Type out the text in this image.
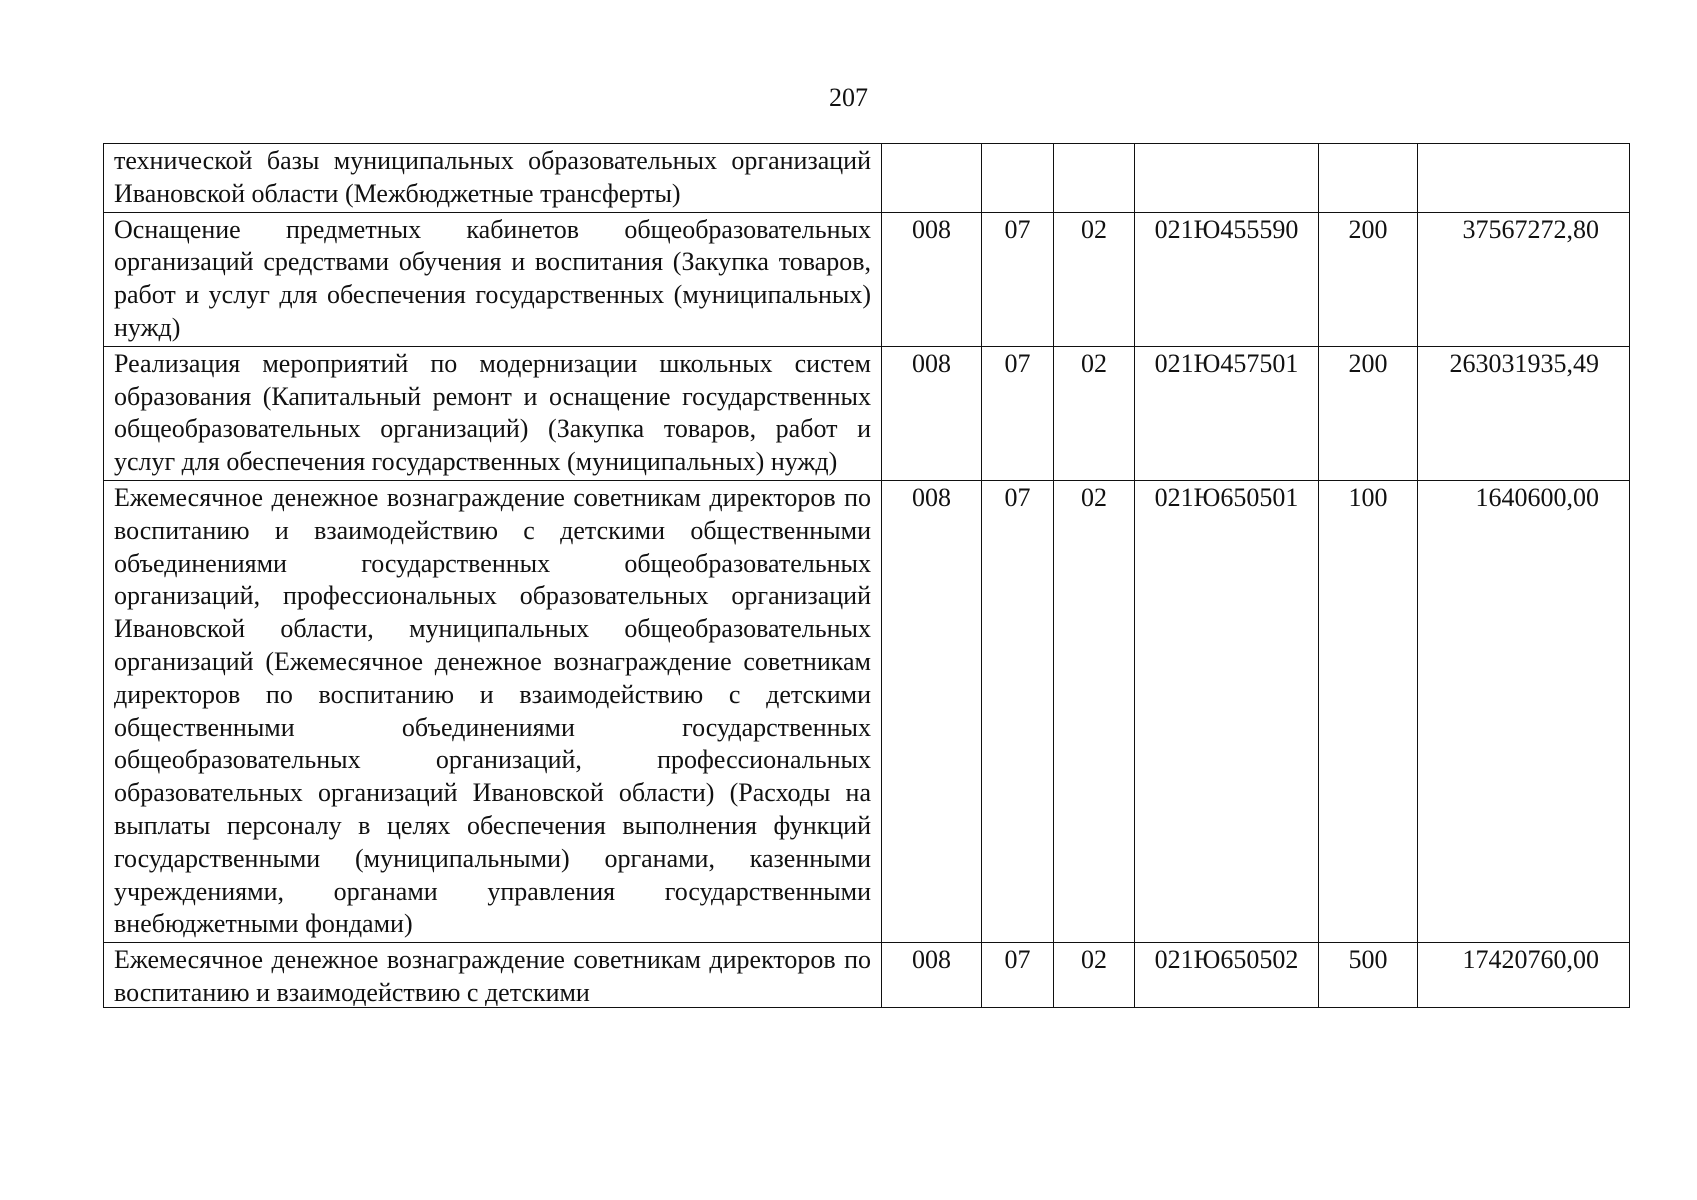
207
технической базы муниципальных образовательных организаций Ивановской области (Межбюджетные трансферты)						
Оснащение предметных кабинетов общеобразовательных организаций средствами обучения и воспитания (Закупка товаров, работ и услуг для обеспечения государственных (муниципальных) нужд)	008	07	02	021Ю455590	200	37567272,80
Реализация мероприятий по модернизации школьных систем образования (Капитальный ремонт и оснащение государственных общеобразовательных организаций) (Закупка товаров, работ и услуг для обеспечения государственных (муниципальных) нужд)	008	07	02	021Ю457501	200	263031935,49
Ежемесячное денежное вознаграждение советникам директоров по воспитанию и взаимодействию с детскими общественными объединениями государственных общеобразовательных организаций, профессиональных образовательных организаций Ивановской области, муниципальных общеобразовательных организаций (Ежемесячное денежное вознаграждение советникам директоров по воспитанию и взаимодействию с детскими общественными объединениями государственных общеобразовательных организаций, профессиональных образовательных организаций Ивановской области) (Расходы на выплаты персоналу в целях обеспечения выполнения функций государственными (муниципальными) органами, казенными учреждениями, органами управления государственными внебюджетными фондами)	008	07	02	021Ю650501	100	1640600,00

Ежемесячное денежное вознаграждение советникам директоров по воспитанию и взаимодействию с детскими	008	07	02	021Ю650502	500	17420760,00
